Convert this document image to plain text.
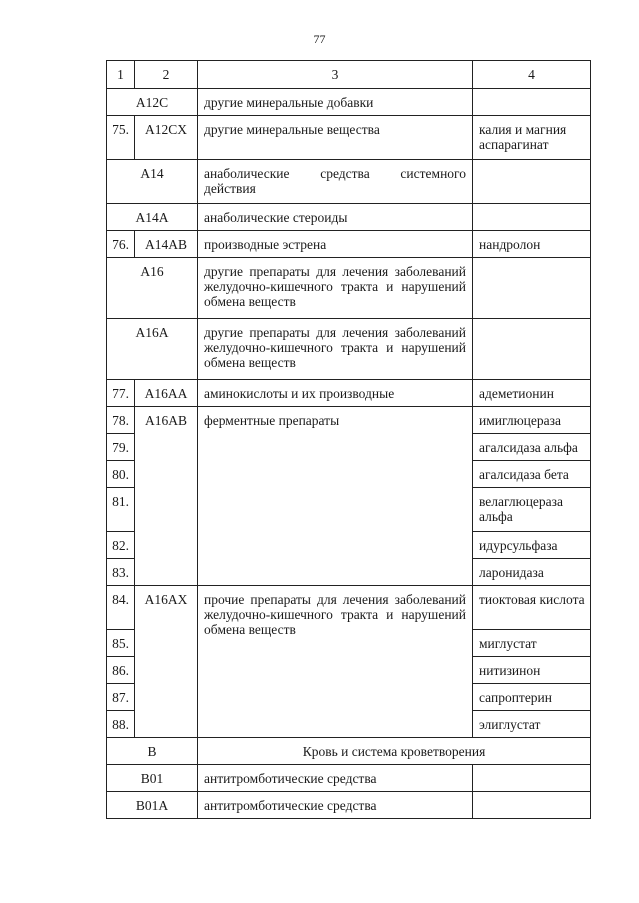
77
1	2	3	4
A12C		другие минеральные добавки	
75.	A12CX	другие минеральные вещества	калия и магния аспарагинат
A14		анаболические средства системного действия	
A14A		анаболические стероиды	
76.	A14AB	производные эстрена	нандролон
A16		другие препараты для лечения заболеваний желудочно-кишечного тракта и нарушений обмена веществ	
A16A		другие препараты для лечения заболеваний желудочно-кишечного тракта и нарушений обмена веществ	
77.	A16AA	аминокислоты и их производные	адеметионин
78.	A16AB	ферментные препараты	имиглюцераза
79.			агалсидаза альфа
80.			агалсидаза бета
81.			велаглюцераза альфа
82.			идурсульфаза
83.			ларонидаза
84.	A16AX	прочие препараты для лечения заболеваний желудочно-кишечного тракта и нарушений обмена веществ	тиоктовая кислота
85.			миглустат
86.			нитизинон
87.			сапроптерин
88.			элиглустат
B		Кровь и система кроветворения	
B01		антитромботические средства	
B01A		антитромботические средства	
